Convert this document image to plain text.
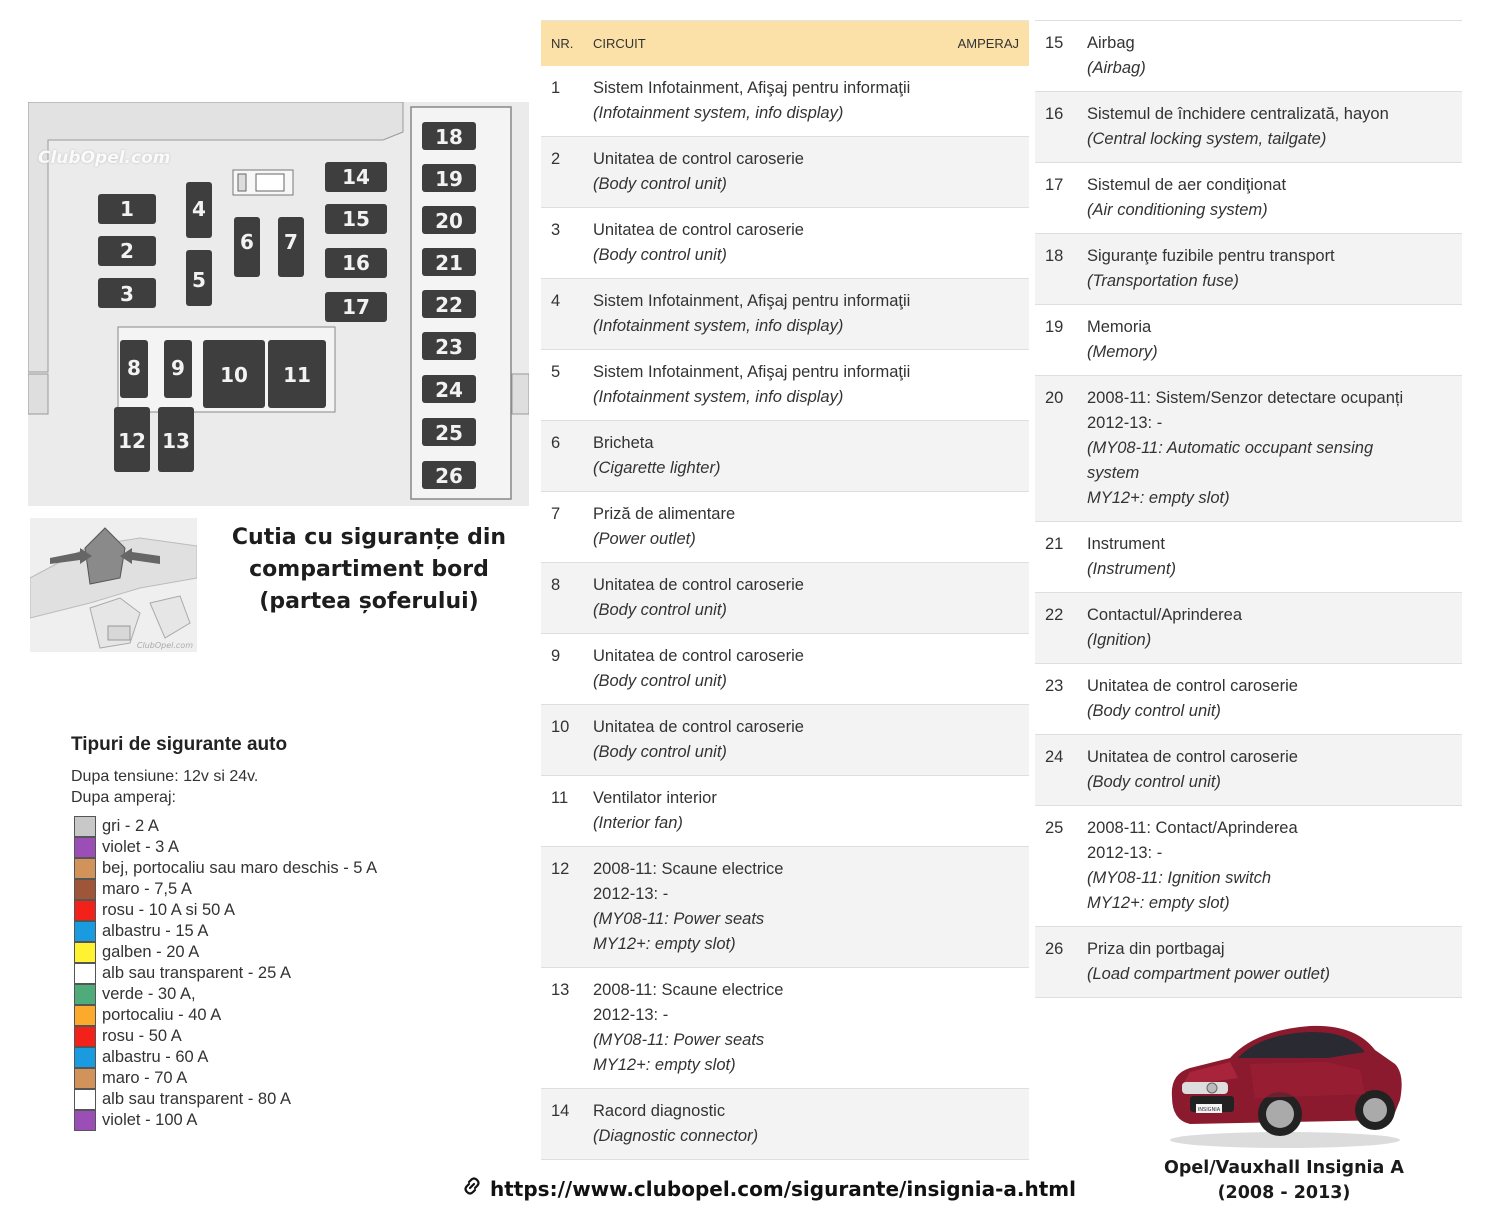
1
2
3
4
5
6 7
8 9 10 11
12 13
14
15
16
17
18
19
20
21
22
23
24
25
26
ClubOpel.com
ClubOpel.com
Cutia cu siguranțe din
compartiment bord
(partea șoferului)
Tipuri de sigurante auto
Dupa tensiune: 12v si 24v.
Dupa amperaj:
gri - 2 A
violet - 3 A
bej, portocaliu sau maro deschis - 5 A
maro - 7,5 A
rosu - 10 A si 50 A
albastru - 15 A
galben - 20 A
alb sau transparent - 25 A
verde - 30 A,
portocaliu - 40 A
rosu - 50 A
albastru - 60 A
maro - 70 A
alb sau transparent - 80 A
violet - 100 A
NR.	CIRCUIT	AMPERAJ
1	Sistem Infotainment, Afişaj pentru informaţii
(Infotainment system, info display)
2	Unitatea de control caroserie
(Body control unit)
3	Unitatea de control caroserie
(Body control unit)
4	Sistem Infotainment, Afişaj pentru informaţii
(Infotainment system, info display)
5	Sistem Infotainment, Afişaj pentru informaţii
(Infotainment system, info display)
6	Bricheta
(Cigarette lighter)
7	Priză de alimentare
(Power outlet)
8	Unitatea de control caroserie
(Body control unit)
9	Unitatea de control caroserie
(Body control unit)
10	Unitatea de control caroserie
(Body control unit)
11	Ventilator interior
(Interior fan)
12	2008-11: Scaune electrice
2012-13: -
(MY08-11: Power seats
MY12+: empty slot)
13	2008-11: Scaune electrice
2012-13: -
(MY08-11: Power seats
MY12+: empty slot)
14	Racord diagnostic
(Diagnostic connector)
15	Airbag
(Airbag)
16	Sistemul de închidere centralizată, hayon
(Central locking system, tailgate)
17	Sistemul de aer condiţionat
(Air conditioning system)
18	Siguranţe fuzibile pentru transport
(Transportation fuse)
19	Memoria
(Memory)
20	2008-11: Sistem/Senzor detectare ocupanți
2012-13: -
(MY08-11: Automatic occupant sensing
system
MY12+: empty slot)
21	Instrument
(Instrument)
22	Contactul/Aprinderea
(Ignition)
23	Unitatea de control caroserie
(Body control unit)
24	Unitatea de control caroserie
(Body control unit)
25	2008-11: Contact/Aprinderea
2012-13: -
(MY08-11: Ignition switch
MY12+: empty slot)
26	Priza din portbagaj
(Load compartment power outlet)
INSIGNIA
Opel/Vauxhall Insignia A
(2008 - 2013)
https://www.clubopel.com/sigurante/insignia-a.html
